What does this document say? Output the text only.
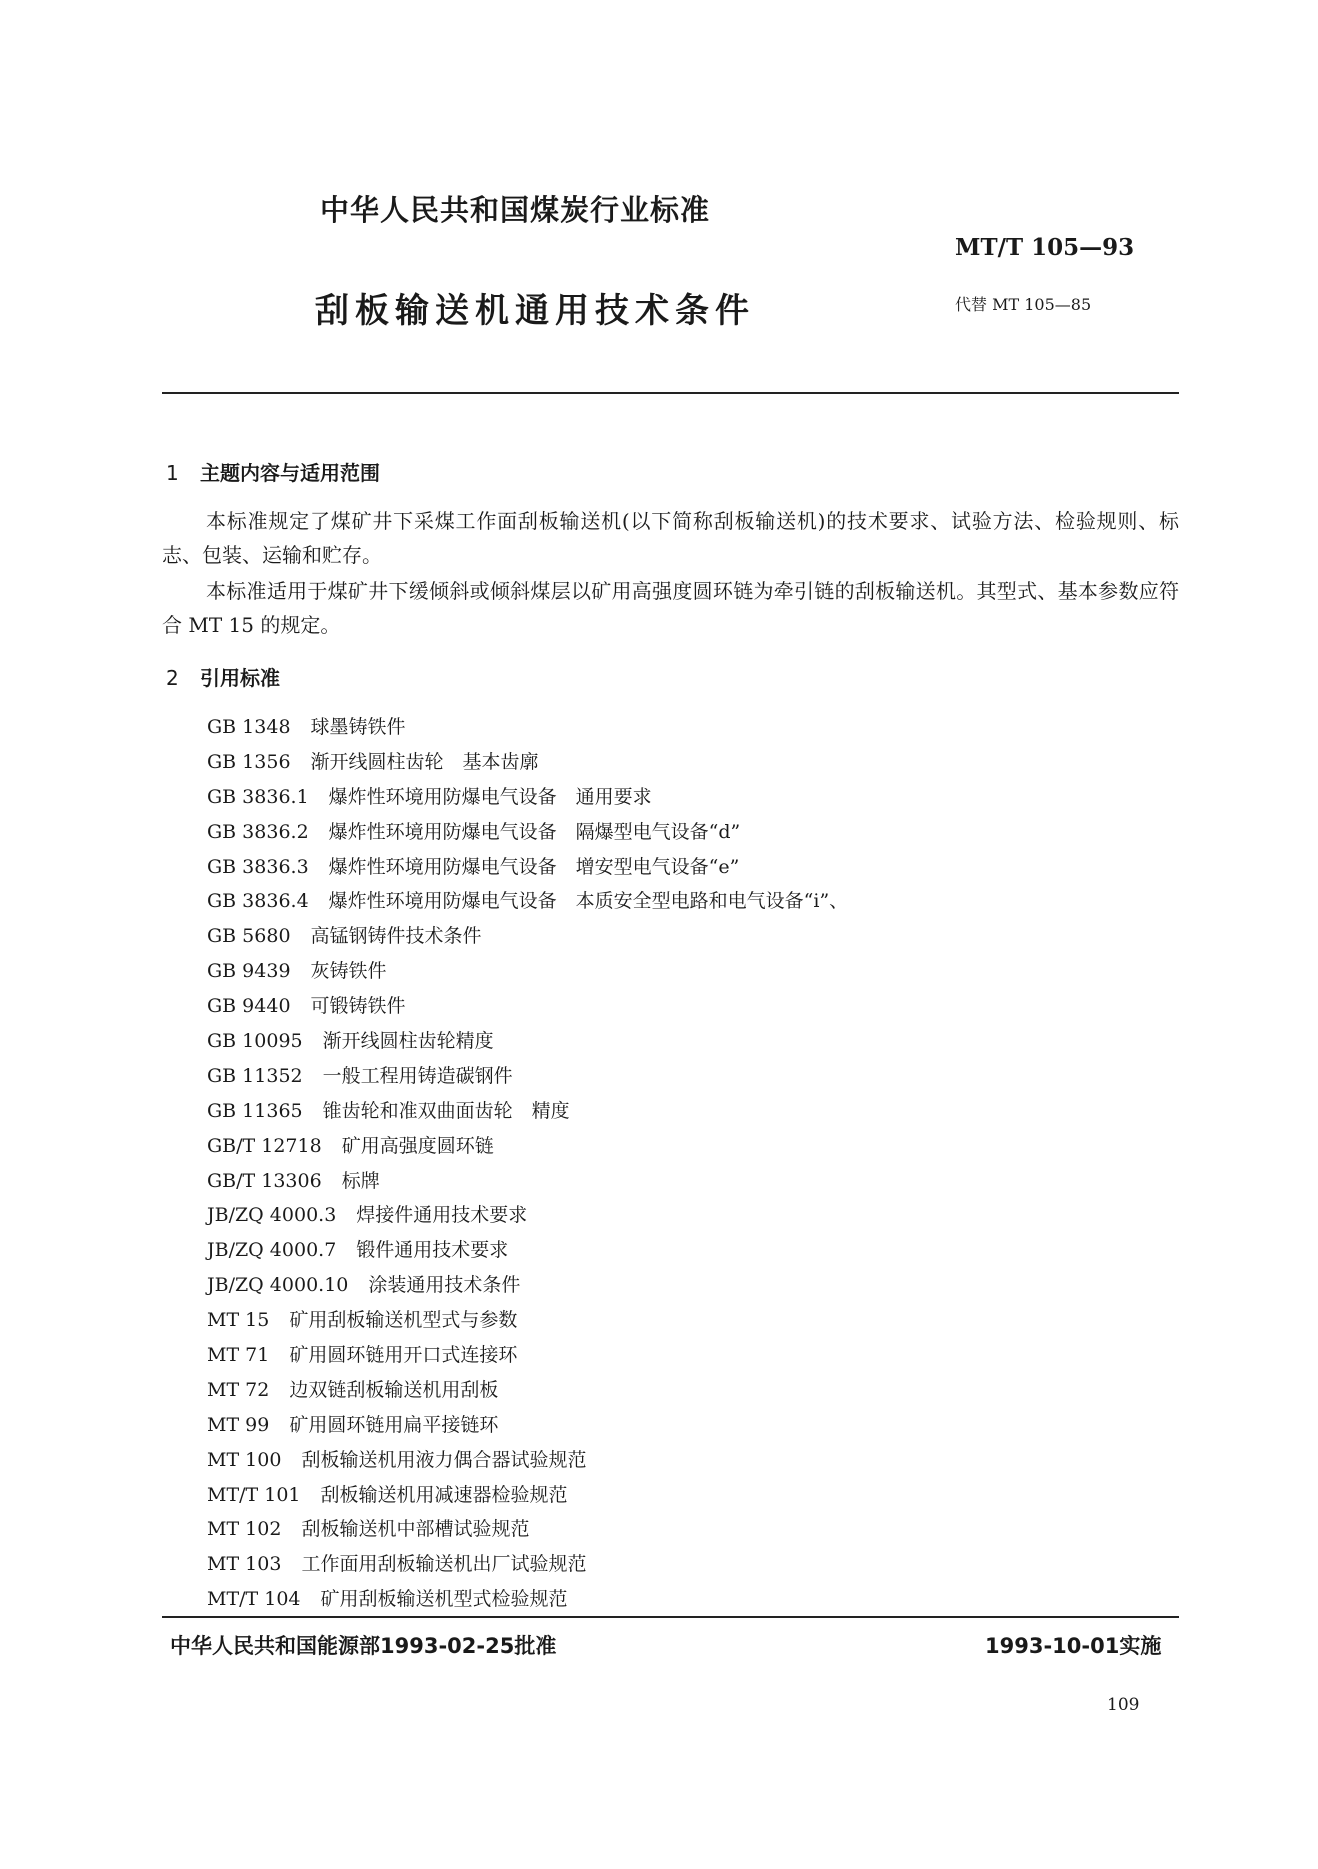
中华人民共和国煤炭行业标准
MT/T 105—93
刮板输送机通用技术条件	代替 MT 105—85
1 主题内容与适用范围
本标准规定了煤矿井下采煤工作面刮板输送机(以下简称刮板输送机)的技术要求、试验方法、检验规则、标志、包装、运输和贮存。
本标准适用于煤矿井下缓倾斜或倾斜煤层以矿用高强度圆环链为牵引链的刮板输送机。其型式、基本参数应符合 MT 15 的规定。
2 引用标准
GB 1348 球墨铸铁件
GB 1356 渐开线圆柱齿轮　基本齿廓
GB 3836.1 爆炸性环境用防爆电气设备　通用要求
GB 3836.2 爆炸性环境用防爆电气设备　隔爆型电气设备“d”
GB 3836.3 爆炸性环境用防爆电气设备　增安型电气设备“e”
GB 3836.4 爆炸性环境用防爆电气设备　本质安全型电路和电气设备“i”、
GB 5680 高锰钢铸件技术条件
GB 9439 灰铸铁件
GB 9440 可锻铸铁件
GB 10095 渐开线圆柱齿轮精度
GB 11352 一般工程用铸造碳钢件
GB 11365 锥齿轮和准双曲面齿轮　精度
GB/T 12718 矿用高强度圆环链
GB/T 13306 标牌
JB/ZQ 4000.3 焊接件通用技术要求
JB/ZQ 4000.7 锻件通用技术要求
JB/ZQ 4000.10 涂装通用技术条件
MT 15 矿用刮板输送机型式与参数
MT 71 矿用圆环链用开口式连接环
MT 72 边双链刮板输送机用刮板
MT 99 矿用圆环链用扁平接链环
MT 100 刮板输送机用液力偶合器试验规范
MT/T 101 刮板输送机用减速器检验规范
MT 102 刮板输送机中部槽试验规范
MT 103 工作面用刮板输送机出厂试验规范
MT/T 104 矿用刮板输送机型式检验规范
中华人民共和国能源部1993-02-25批准	1993-10-01实施
109
